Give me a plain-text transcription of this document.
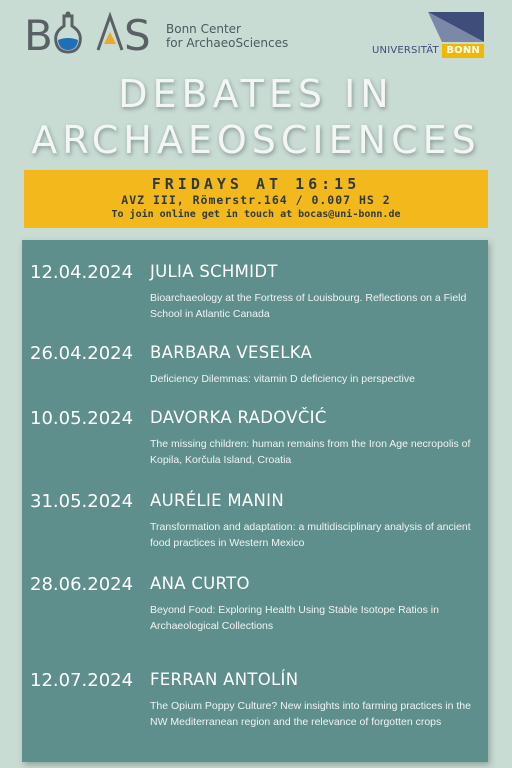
B S Bonn Center
for ArchaeoSciences
UNIVERSITÄT BONN
DEBATES IN
ARCHAEOSCIENCES
FRIDAYS AT 16:15
AVZ III, Römerstr.164 / 0.007 HS 2
To join online get in touch at bocas@uni-bonn.de
12.04.2024 JULIA SCHMIDT
Bioarchaeology at the Fortress of Louisbourg. Reflections on a Field School in Atlantic Canada
26.04.2024 BARBARA VESELKA
Deficiency Dilemmas: vitamin D deficiency in perspective
10.05.2024 DAVORKA RADOVČIĆ
The missing children: human remains from the Iron Age necropolis of Kopila, Korčula Island, Croatia
31.05.2024 AURÉLIE MANIN
Transformation and adaptation: a multidisciplinary analysis of ancient food practices in Western Mexico
28.06.2024 ANA CURTO
Beyond Food: Exploring Health Using Stable Isotope Ratios in Archaeological Collections
12.07.2024 FERRAN ANTOLÍN
The Opium Poppy Culture? New insights into farming practices in the NW Mediterranean region and the relevance of forgotten crops
